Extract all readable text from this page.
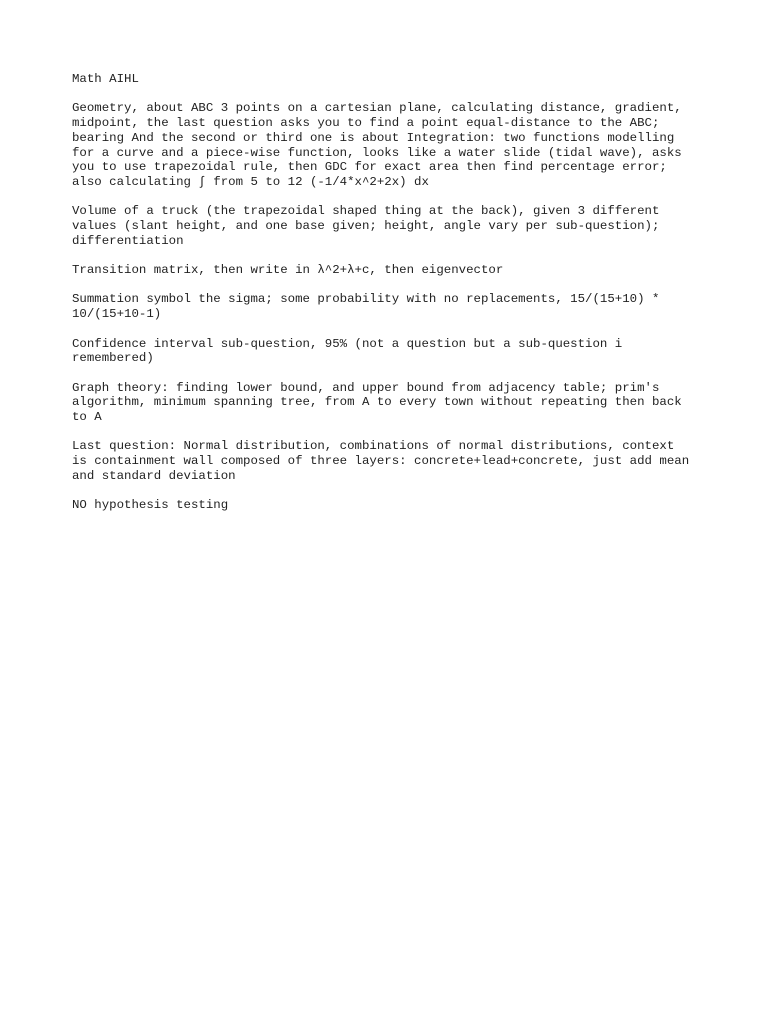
Math AIHL

Geometry, about ABC 3 points on a cartesian plane, calculating distance, gradient,
midpoint, the last question asks you to find a point equal-distance to the ABC;
bearing And the second or third one is about Integration: two functions modelling
for a curve and a piece-wise function, looks like a water slide (tidal wave), asks
you to use trapezoidal rule, then GDC for exact area then find percentage error;
also calculating ∫ from 5 to 12 (-1/4*x^2+2x) dx

Volume of a truck (the trapezoidal shaped thing at the back), given 3 different
values (slant height, and one base given; height, angle vary per sub-question);
differentiation

Transition matrix, then write in λ^2+λ+c, then eigenvector

Summation symbol the sigma; some probability with no replacements, 15/(15+10) *
10/(15+10-1)

Confidence interval sub-question, 95% (not a question but a sub-question i
remembered)

Graph theory: finding lower bound, and upper bound from adjacency table; prim's
algorithm, minimum spanning tree, from A to every town without repeating then back
to A

Last question: Normal distribution, combinations of normal distributions, context
is containment wall composed of three layers: concrete+lead+concrete, just add mean
and standard deviation

NO hypothesis testing
